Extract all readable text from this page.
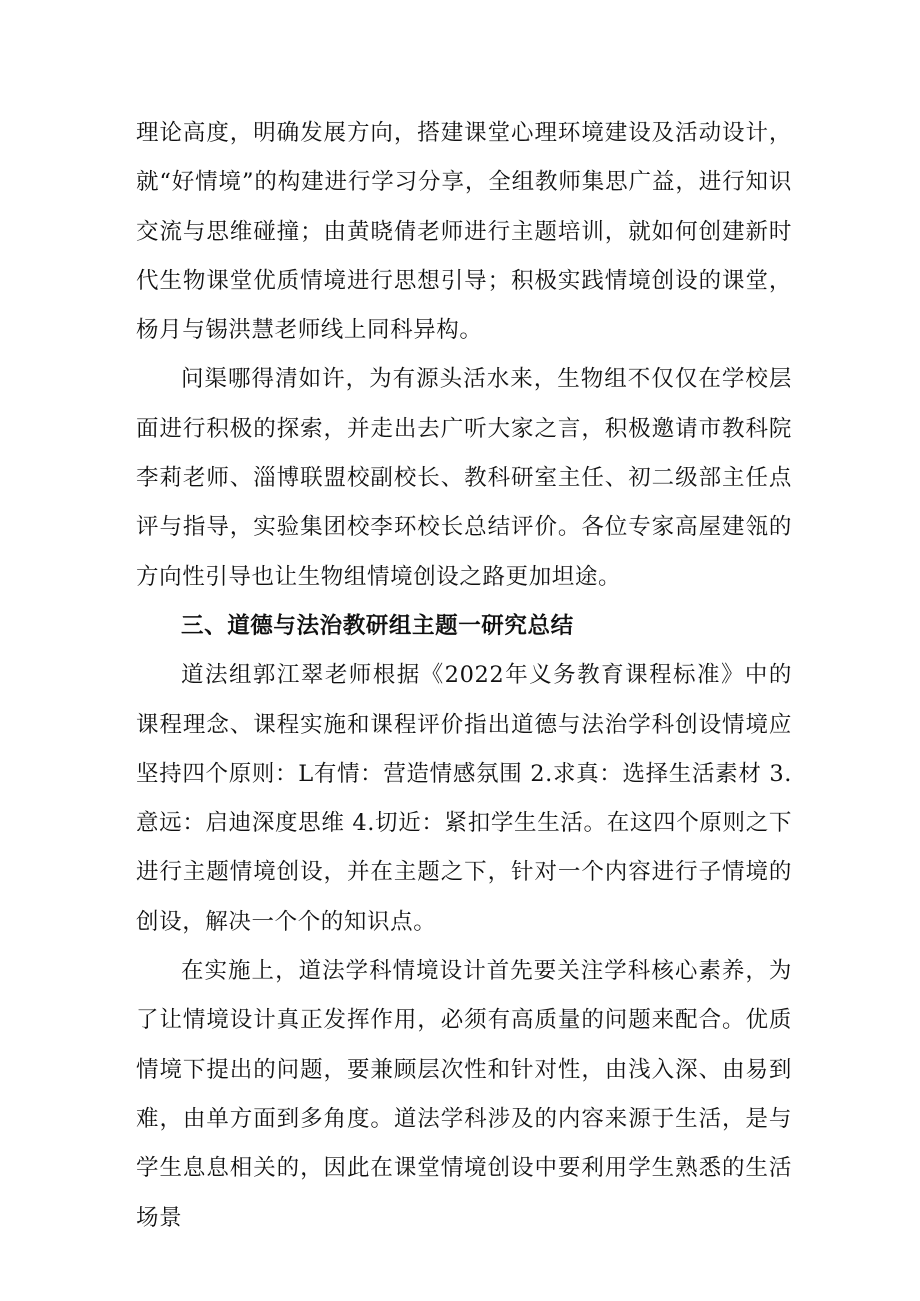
理论高度，明确发展方向，搭建课堂心理环境建设及活动设计，就“好情境”的构建进行学习分享，全组教师集思广益，进行知识交流与思维碰撞；由黄晓倩老师进行主题培训，就如何创建新时代生物课堂优质情境进行思想引导；积极实践情境创设的课堂，杨月与锡洪慧老师线上同科异构。

问渠哪得清如许，为有源头活水来，生物组不仅仅在学校层面进行积极的探索，并走出去广听大家之言，积极邀请市教科院李莉老师、淄博联盟校副校长、教科研室主任、初二级部主任点评与指导，实验集团校李环校长总结评价。各位专家高屋建瓴的方向性引导也让生物组情境创设之路更加坦途。

三、道德与法治教研组主题一研究总结

道法组郭江翠老师根据《2022年义务教育课程标准》中的课程理念、课程实施和课程评价指出道德与法治学科创设情境应坚持四个原则：L有情：营造情感氛围 2.求真：选择生活素材 3.意远：启迪深度思维 4.切近：紧扣学生生活。在这四个原则之下进行主题情境创设，并在主题之下，针对一个内容进行子情境的创设，解决一个个的知识点。

在实施上，道法学科情境设计首先要关注学科核心素养，为了让情境设计真正发挥作用，必须有高质量的问题来配合。优质情境下提出的问题，要兼顾层次性和针对性，由浅入深、由易到难，由单方面到多角度。道法学科涉及的内容来源于生活，是与学生息息相关的，因此在课堂情境创设中要利用学生熟悉的生活场景
